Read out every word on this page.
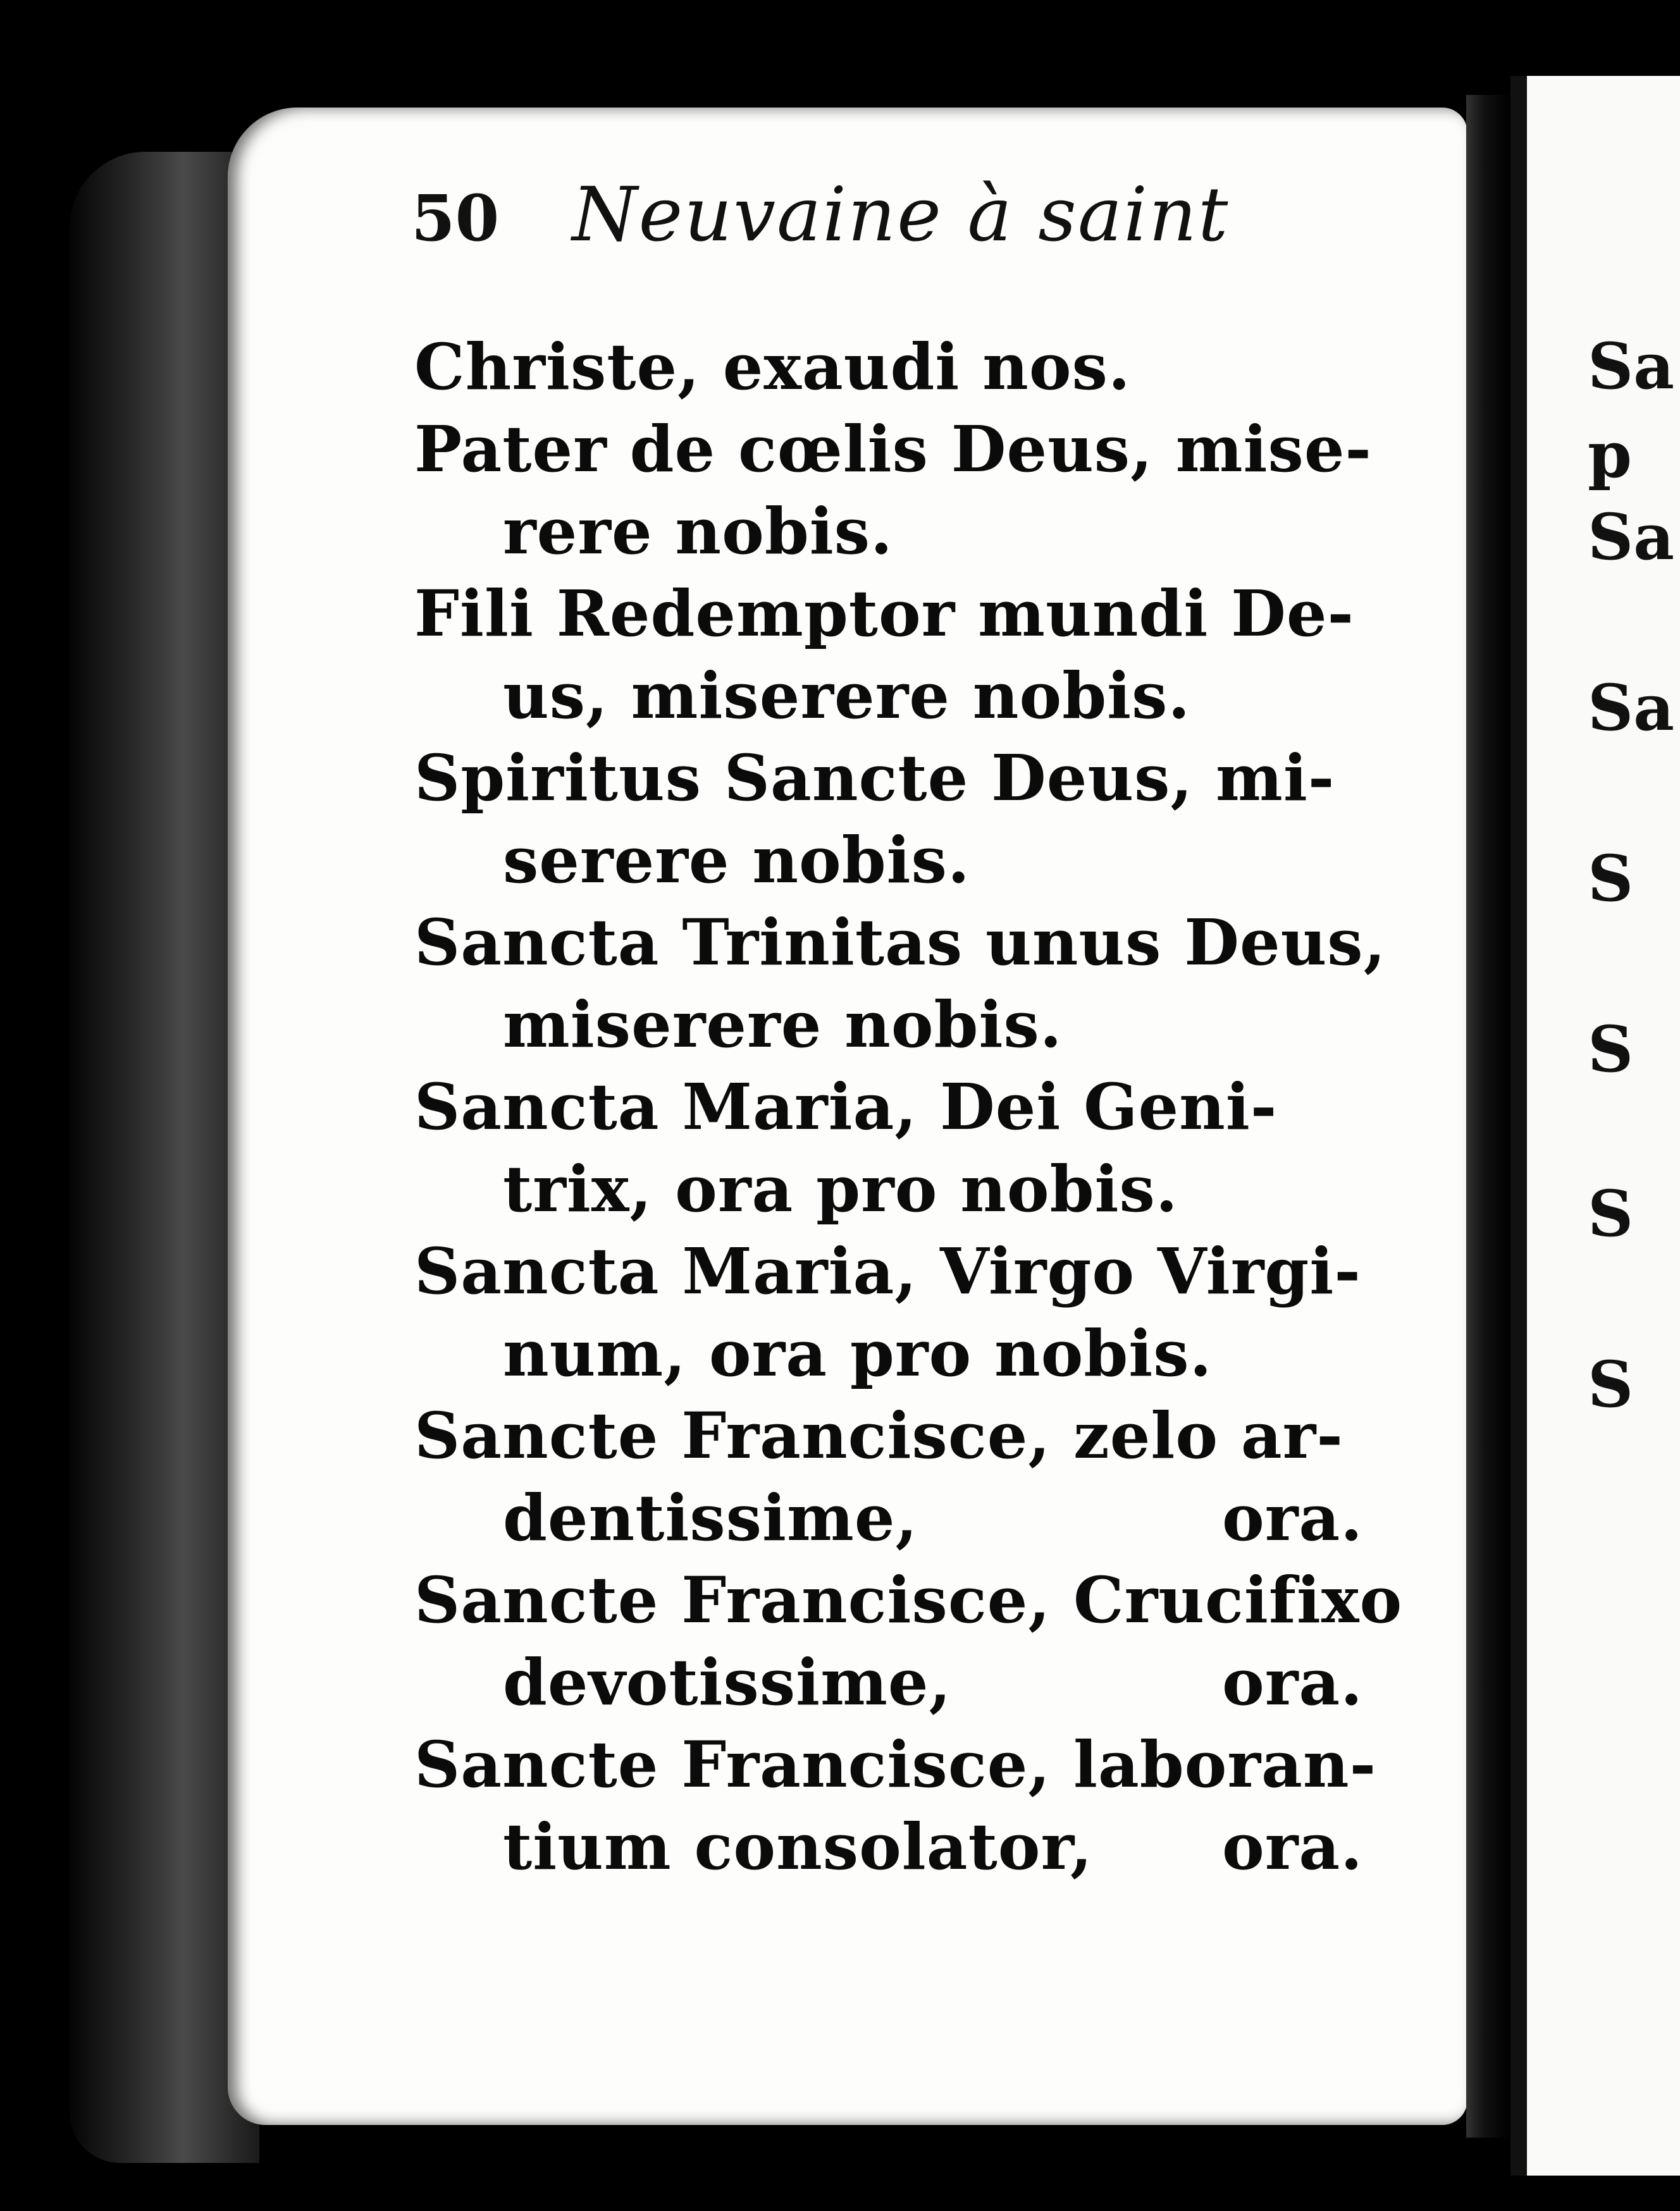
50 Neuvaine à saint
Christe, exaudi nos.
Pater de cœlis Deus, mise-
rere nobis.
Fili Redemptor mundi De-
us, miserere nobis.
Spiritus Sancte Deus, mi-
serere nobis.
Sancta Trinitas unus Deus,
miserere nobis.
Sancta Maria, Dei Geni-
trix, ora pro nobis.
Sancta Maria, Virgo Virgi-
num, ora pro nobis.
Sancte Francisce, zelo ar-
dentissime,	ora.
Sancte Francisce, Crucifixo
devotissime,	ora.
Sancte Francisce, laboran-
tium consolator, ora.
Sa
p
Sa
Sa
S
S
S
S
